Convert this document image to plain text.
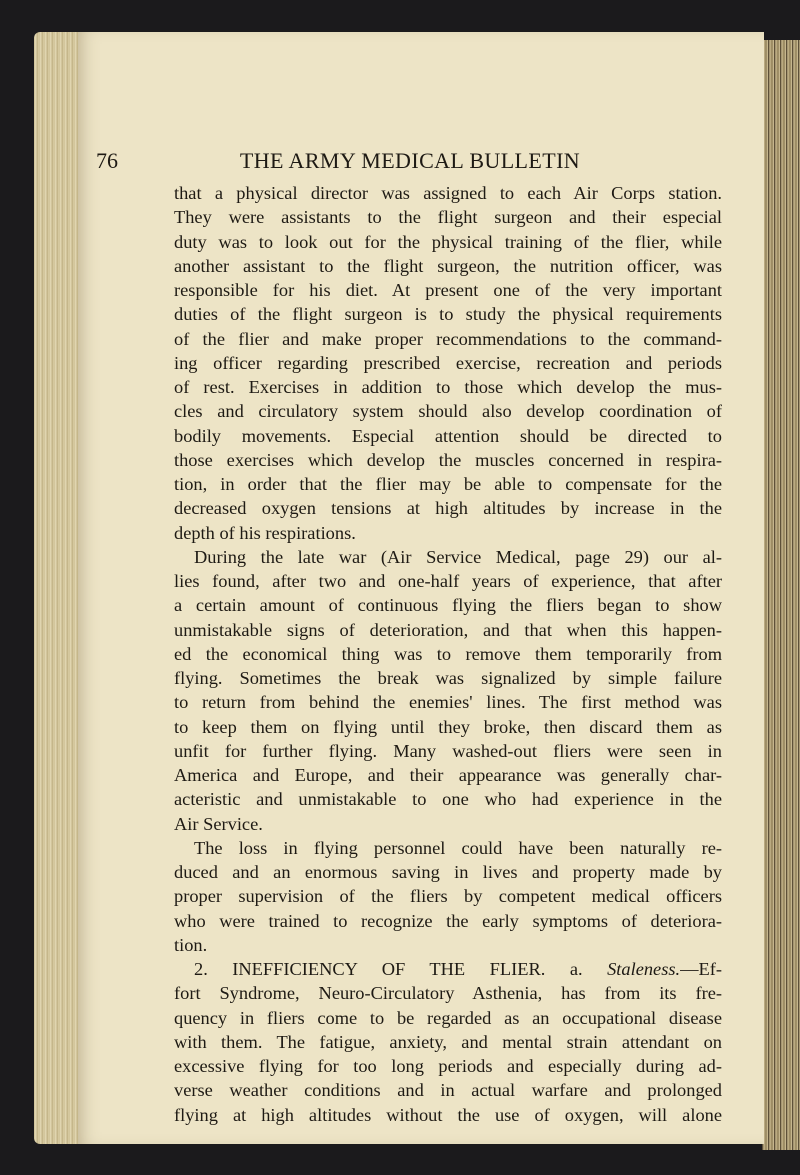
76	THE ARMY MEDICAL BULLETIN

that a physical director was assigned to each Air Corps station.
They were assistants to the flight surgeon and their especial
duty was to look out for the physical training of the flier, while
another assistant to the flight surgeon, the nutrition officer, was
responsible for his diet. At present one of the very important
duties of the flight surgeon is to study the physical requirements
of the flier and make proper recommendations to the command-
ing officer regarding prescribed exercise, recreation and periods
of rest. Exercises in addition to those which develop the mus-
cles and circulatory system should also develop coordination of
bodily movements. Especial attention should be directed to
those exercises which develop the muscles concerned in respira-
tion, in order that the flier may be able to compensate for the
decreased oxygen tensions at high altitudes by increase in the
depth of his respirations.

During the late war (Air Service Medical, page 29) our al-
lies found, after two and one-half years of experience, that after
a certain amount of continuous flying the fliers began to show
unmistakable signs of deterioration, and that when this happen-
ed the economical thing was to remove them temporarily from
flying. Sometimes the break was signalized by simple failure
to return from behind the enemies' lines. The first method was
to keep them on flying until they broke, then discard them as
unfit for further flying. Many washed-out fliers were seen in
America and Europe, and their appearance was generally char-
acteristic and unmistakable to one who had experience in the
Air Service.

The loss in flying personnel could have been naturally re-
duced and an enormous saving in lives and property made by
proper supervision of the fliers by competent medical officers
who were trained to recognize the early symptoms of deteriora-
tion.

2. INEFFICIENCY OF THE FLIER. a. Staleness.—Ef-
fort Syndrome, Neuro-Circulatory Asthenia, has from its fre-
quency in fliers come to be regarded as an occupational disease
with them. The fatigue, anxiety, and mental strain attendant on
excessive flying for too long periods and especially during ad-
verse weather conditions and in actual warfare and prolonged
flying at high altitudes without the use of oxygen, will alone
